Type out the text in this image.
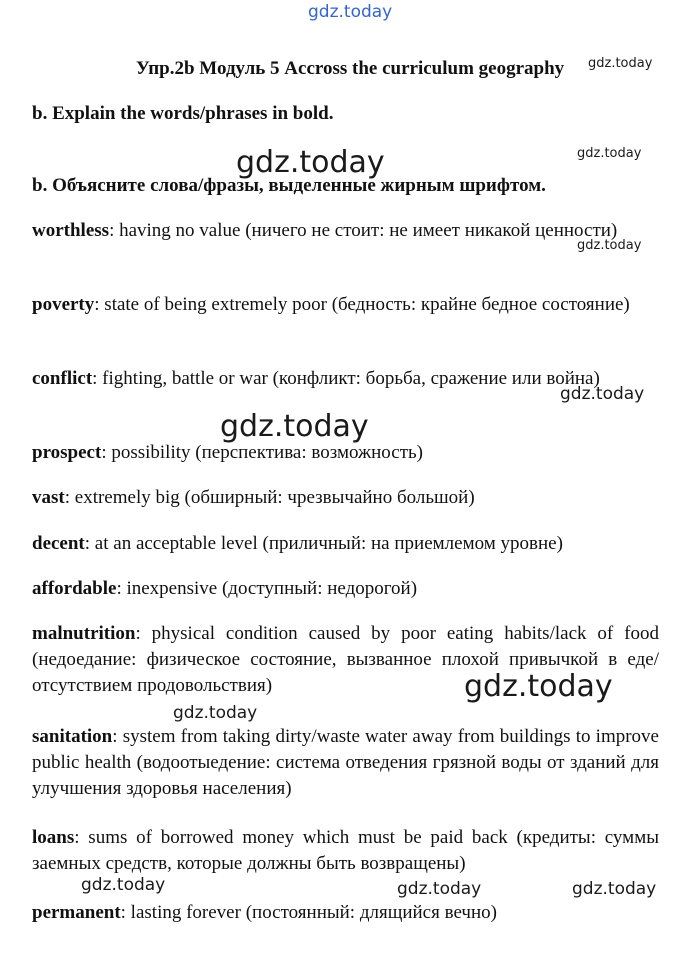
gdz.today
gdz.today
gdz.today	gdz.today
gdz.today
gdz.today
gdz.today
gdz.today
gdz.today
gdz.today	gdz.today	gdz.today
Упр.2b Модуль 5 Accross the curriculum geography
b. Explain the words/phrases in bold.
b. Объясните слова/фразы, выделенные жирным шрифтом.
worthless: having no value (ничего не стоит: не имеет никакой ценности)
poverty: state of being extremely poor (бедность: крайне бедное состояние)
conflict: fighting, battle or war (конфликт: борьба, сражение или война)
prospect: possibility (перспектива: возможность)
vast: extremely big (обширный: чрезвычайно большой)
decent: at an acceptable level (приличный: на приемлемом уровне)
affordable: inexpensive (доступный: недорогой)
malnutrition: physical condition caused by poor eating habits/lack of food (недоедание: физическое состояние, вызванное плохой привычкой в еде/отсутствием продовольствия)
sanitation: system from taking dirty/waste water away from buildings to improve public health (водоотыедение: система отведения грязной воды от зданий для улучшения здоровья населения)
loans: sums of borrowed money which must be paid back (кредиты: суммы заемных средств, которые должны быть возвращены)
permanent: lasting forever (постоянный: длящийся вечно)
